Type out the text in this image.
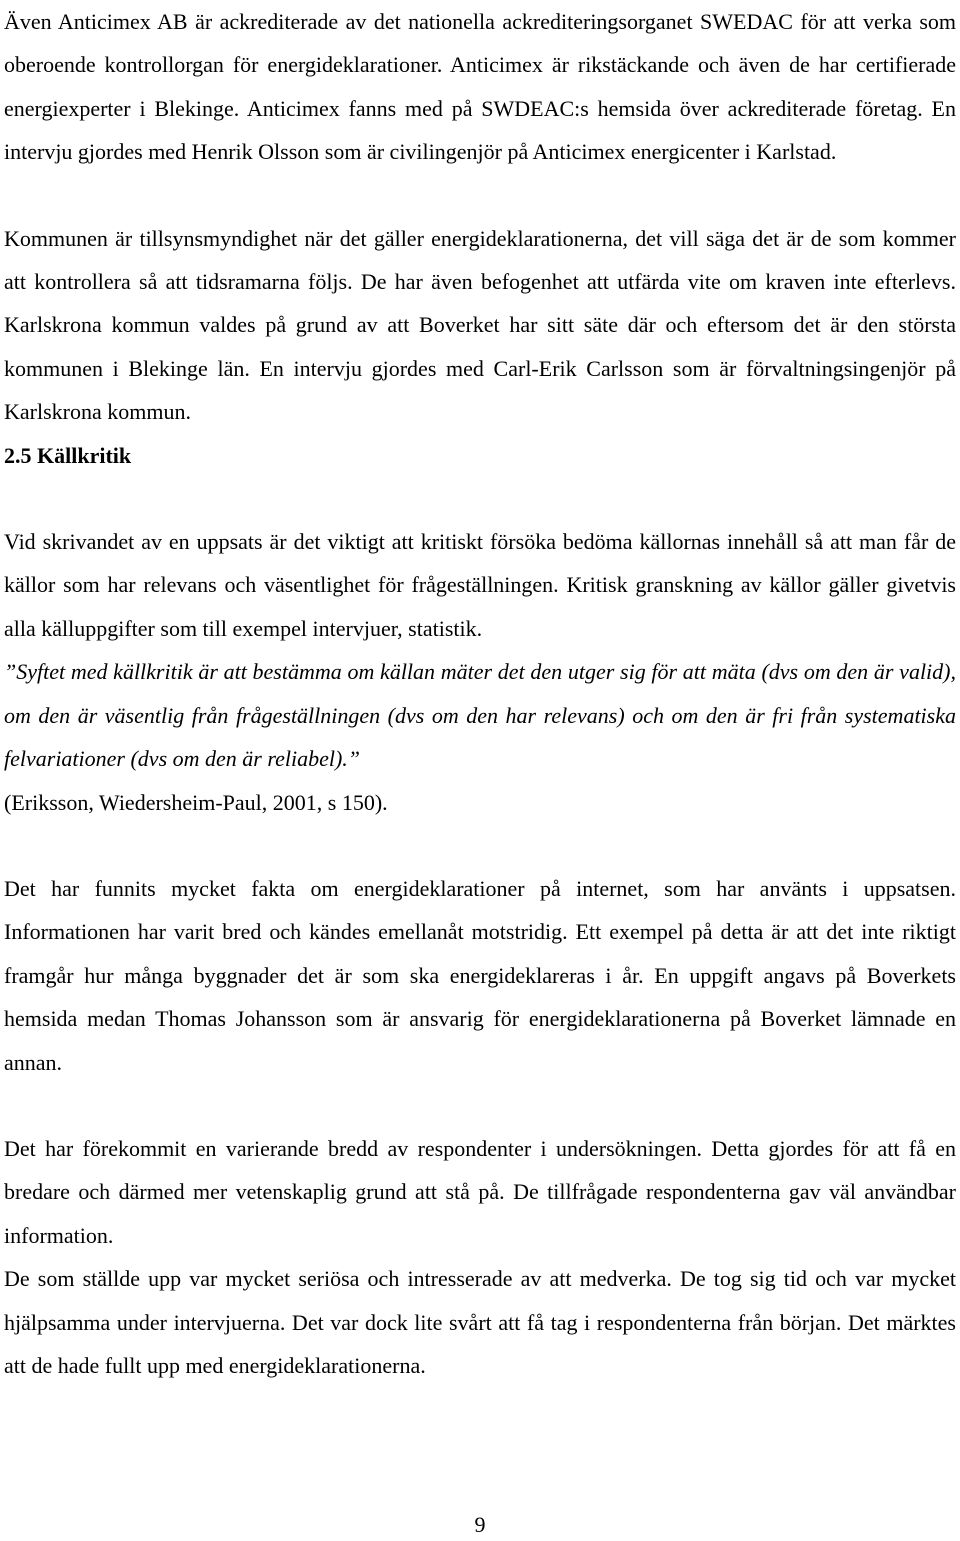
Även Anticimex AB är ackrediterade av det nationella ackrediteringsorganet SWEDAC för att verka som oberoende kontrollorgan för energideklarationer. Anticimex är rikstäckande och även de har certifierade energiexperter i Blekinge. Anticimex fanns med på SWDEAC:s hemsida över ackrediterade företag. En intervju gjordes med Henrik Olsson som är civilingenjör på Anticimex energicenter i Karlstad.

Kommunen är tillsynsmyndighet när det gäller energideklarationerna, det vill säga det är de som kommer att kontrollera så att tidsramarna följs. De har även befogenhet att utfärda vite om kraven inte efterlevs. Karlskrona kommun valdes på grund av att Boverket har sitt säte där och eftersom det är den största kommunen i Blekinge län. En intervju gjordes med Carl-Erik Carlsson som är förvaltningsingenjör på Karlskrona kommun.

2.5 Källkritik

Vid skrivandet av en uppsats är det viktigt att kritiskt försöka bedöma källornas innehåll så att man får de källor som har relevans och väsentlighet för frågeställningen. Kritisk granskning av källor gäller givetvis alla källuppgifter som till exempel intervjuer, statistik.

”Syftet med källkritik är att bestämma om källan mäter det den utger sig för att mäta (dvs om den är valid), om den är väsentlig från frågeställningen (dvs om den har relevans) och om den är fri från systematiska felvariationer (dvs om den är reliabel).”

(Eriksson, Wiedersheim-Paul, 2001, s 150).

Det har funnits mycket fakta om energideklarationer på internet, som har använts i uppsatsen. Informationen har varit bred och kändes emellanåt motstridig. Ett exempel på detta är att det inte riktigt framgår hur många byggnader det är som ska energideklareras i år. En uppgift angavs på Boverkets hemsida medan Thomas Johansson som är ansvarig för energideklarationerna på Boverket lämnade en annan.

Det har förekommit en varierande bredd av respondenter i undersökningen. Detta gjordes för att få en bredare och därmed mer vetenskaplig grund att stå på. De tillfrågade respondenterna gav väl användbar information.

De som ställde upp var mycket seriösa och intresserade av att medverka. De tog sig tid och var mycket hjälpsamma under intervjuerna. Det var dock lite svårt att få tag i respondenterna från början. Det märktes att de hade fullt upp med energideklarationerna.

9
